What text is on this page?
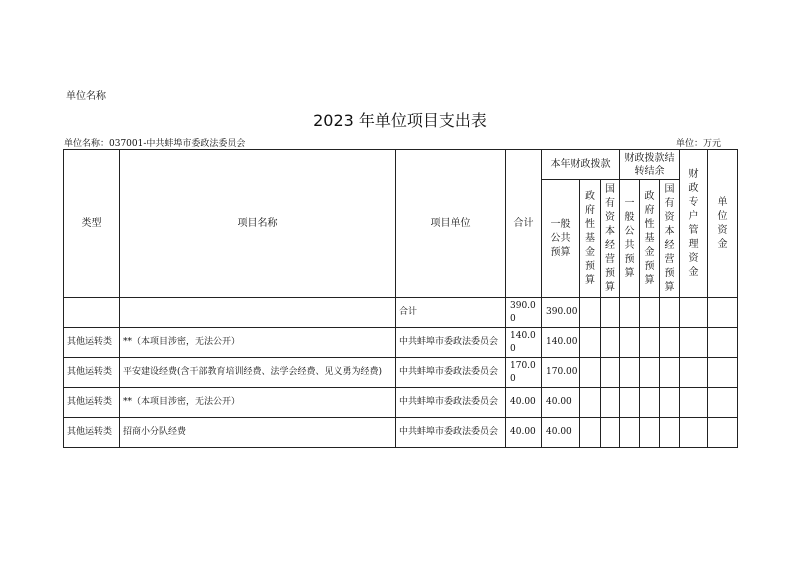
单位名称
2023 年单位项目支出表
单位名称：037001-中共蚌埠市委政法委员会	单位：万元
类型	项目名称	项目单位	合计	本年财政拨款			财政拨款结转结余			财政专户管理资金	单位资金
				一般公共预算	政府性基金预算	国有资本经营预算	一般公共预算	政府性基金预算	国有资本经营预算		
		合计	390.00	390.00							
其他运转类	**（本项目涉密，无法公开）	中共蚌埠市委政法委员会	140.00	140.00							
其他运转类	平安建设经费(含干部教育培训经费、法学会经费、见义勇为经费)	中共蚌埠市委政法委员会	170.00	170.00							
其他运转类	**（本项目涉密，无法公开）	中共蚌埠市委政法委员会	40.00	40.00							
其他运转类	招商小分队经费	中共蚌埠市委政法委员会	40.00	40.00							
